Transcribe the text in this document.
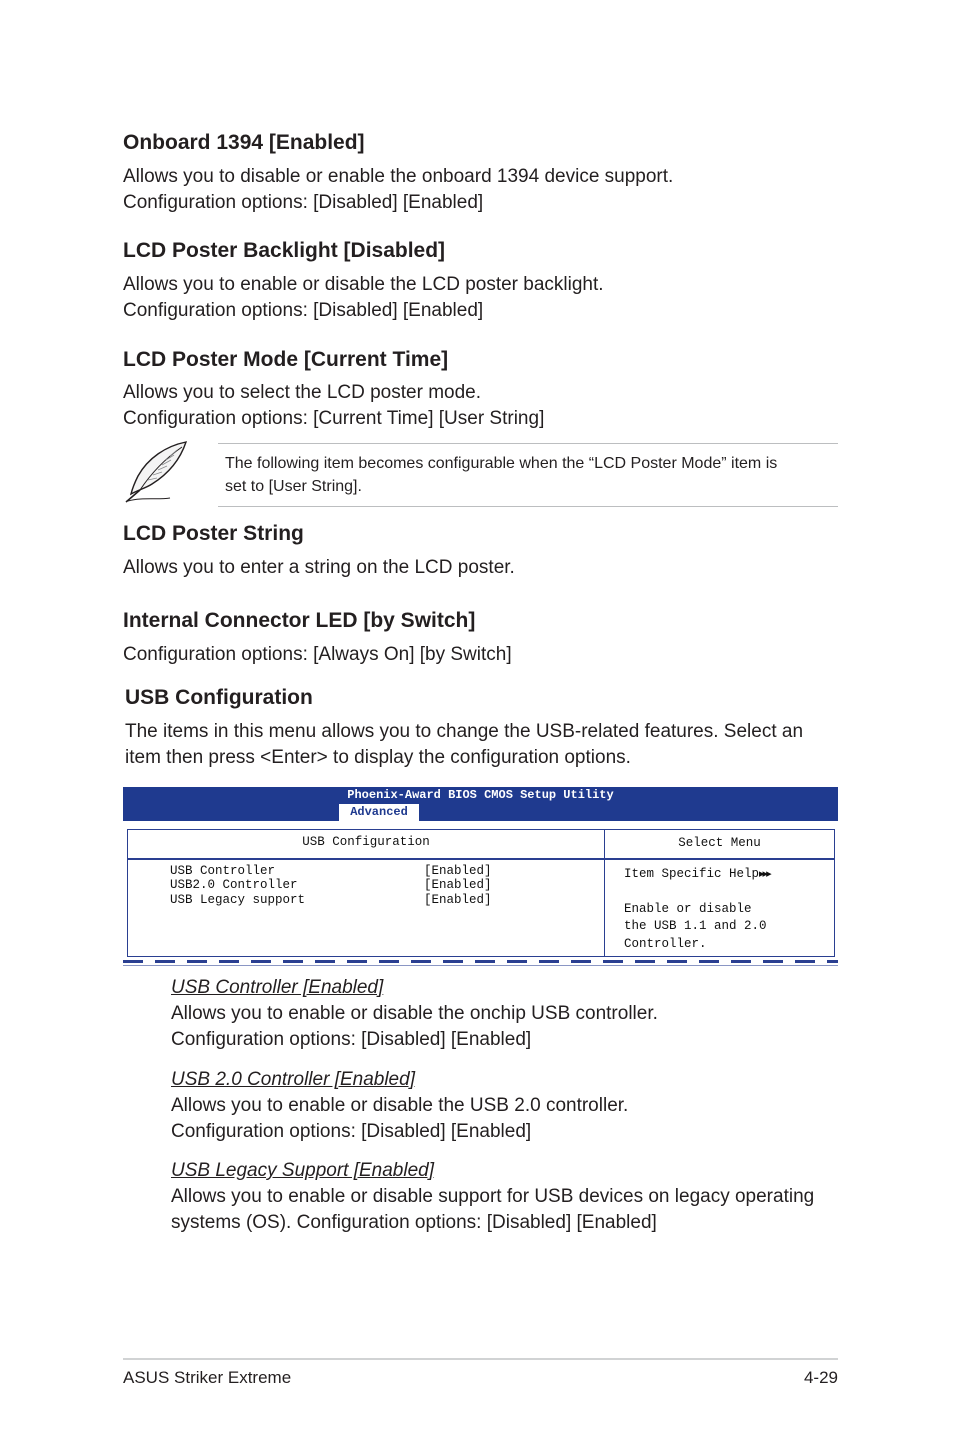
Onboard 1394 [Enabled]
Allows you to disable or enable the onboard 1394 device support.
Configuration options: [Disabled] [Enabled]
LCD Poster Backlight [Disabled]
Allows you to enable or disable the LCD poster backlight.
Configuration options: [Disabled] [Enabled]
LCD Poster Mode [Current Time]
Allows you to select the LCD poster mode.
Configuration options: [Current Time] [User String]
The following item becomes configurable when the “LCD Poster Mode” item is
set to [User String].
LCD Poster String
Allows you to enter a string on the LCD poster.
Internal Connector LED [by Switch]
Configuration options: [Always On] [by Switch]
USB Configuration
The items in this menu allows you to change the USB-related features. Select an
item then press <Enter> to display the configuration options.
Phoenix-Award BIOS CMOS Setup Utility
Advanced
USB Configuration
USB Controller	[Enabled]
USB2.0 Controller	[Enabled]
USB Legacy support	[Enabled]
Select Menu
Item Specific Help▸▸▸
Enable or disable
the USB 1.1 and 2.0
Controller.
USB Controller [Enabled]
Allows you to enable or disable the onchip USB controller.
Configuration options: [Disabled] [Enabled]
USB 2.0 Controller [Enabled]
Allows you to enable or disable the USB 2.0 controller.
Configuration options: [Disabled] [Enabled]
USB Legacy Support [Enabled]
Allows you to enable or disable support for USB devices on legacy operating
systems (OS). Configuration options: [Disabled] [Enabled]
ASUS Striker Extreme	4-29
